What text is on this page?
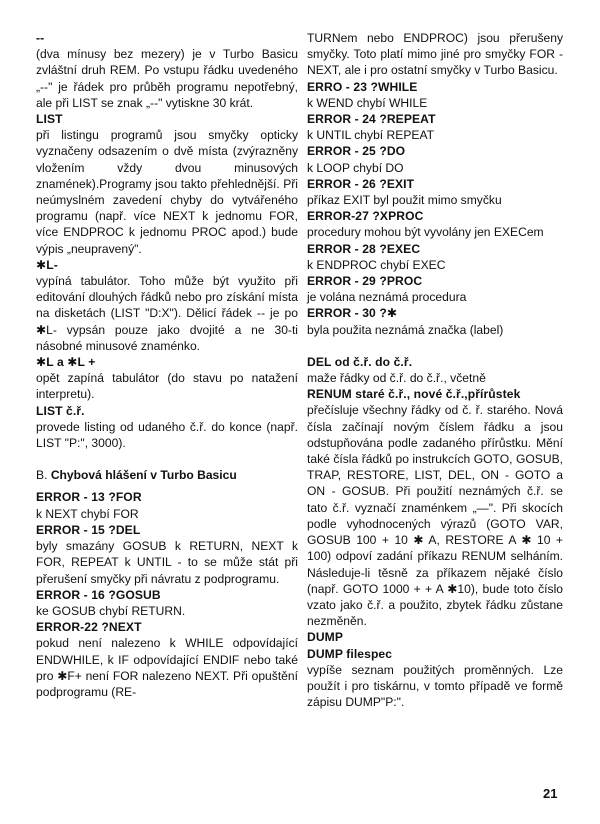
--

(dva mínusy bez mezery) je v Turbo Basicu zvláštní druh REM. Po vstupu řádku uvedeného „--" je řádek pro průběh programu nepotřebný, ale při LIST se znak „--" vytiskne 30 krát.

LIST

při listingu programů jsou smyčky opticky vyznačeny odsazením o dvě místa (zvýrazněny vložením vždy dvou minusových znamének).Programy jsou takto přehlednější. Při neúmyslném zavedení chyby do vytvářeného programu (např. více NEXT k jednomu FOR, více ENDPROC k jednomu PROC apod.) bude výpis „neupravený".

✱L-

vypíná tabulátor. Toho může být využito při editování dlouhých řádků nebo pro získání místa na disketách (LIST "D:X"). Dělicí řádek -- je po ✱L- vypsán pouze jako dvojité a ne 30-ti násobné minusové znaménko.

✱L a ✱L +

opět zapíná tabulátor (do stavu po natažení interpretu).

LIST č.ř.

provede listing od udaného č.ř. do konce (např. LIST "P:", 3000).

B. Chybová hlášení v Turbo Basicu
ERROR - 13 ?FOR

k NEXT chybí FOR

ERROR - 15 ?DEL

byly smazány GOSUB k RETURN, NEXT k FOR, REPEAT k UNTIL - to se může stát při přerušení smyčky při návratu z podprogramu.

ERROR - 16 ?GOSUB

ke GOSUB chybí RETURN.

ERROR-22 ?NEXT

pokud není nalezeno k WHILE odpovídající ENDWHILE, k IF odpovídající ENDIF nebo také pro ✱F+ není FOR nalezeno NEXT. Při opuštění podprogramu (RE-

TURNem nebo ENDPROC) jsou přerušeny smyčky. Toto platí mimo jiné pro smyčky FOR - NEXT, ale i pro ostatní smyčky v Turbo Basicu.

ERRO - 23 ?WHILE

k WEND chybí WHILE

ERROR - 24 ?REPEAT

k UNTIL chybí REPEAT

ERROR - 25 ?DO

k LOOP chybí DO

ERROR - 26 ?EXIT

příkaz EXIT byl použit mimo smyčku

ERROR-27 ?XPROC

procedury mohou být vyvolány jen EXECem

ERROR - 28 ?EXEC

k ENDPROC chybí EXEC

ERROR - 29 ?PROC

je volána neznámá procedura

ERROR - 30 ?✱

byla použita neznámá značka (label)

DEL od č.ř. do č.ř.

maže řádky od č.ř. do č.ř., včetně

RENUM staré č.ř., nové č.ř.,přírůstek

přečísluje všechny řádky od č. ř. starého. Nová čísla začínají novým číslem řádku a jsou odstupňována podle zadaného přírůstku. Mění také čísla řádků po instrukcích GOTO, GOSUB, TRAP, RESTORE, LIST, DEL, ON - GOTO a ON - GOSUB. Při použití neznámých č.ř. se tato č.ř. vyznačí znaménkem „—". Při skocích podle vyhodnocených výrazů (GOTO VAR, GOSUB 100 + 10 ✱ A, RESTORE A ✱ 10 + 100) odpoví zadání příkazu RENUM selháním. Následuje-li těsně za příkazem nějaké číslo (např. GOTO 1000 + + A ✱10), bude toto číslo vzato jako č.ř. a použito, zbytek řádku zůstane nezměněn.

DUMP
DUMP filespec

vypíše seznam použitých proměnných. Lze použít i pro tiskárnu, v tomto případě ve formě zápisu DUMP"P:".

21
